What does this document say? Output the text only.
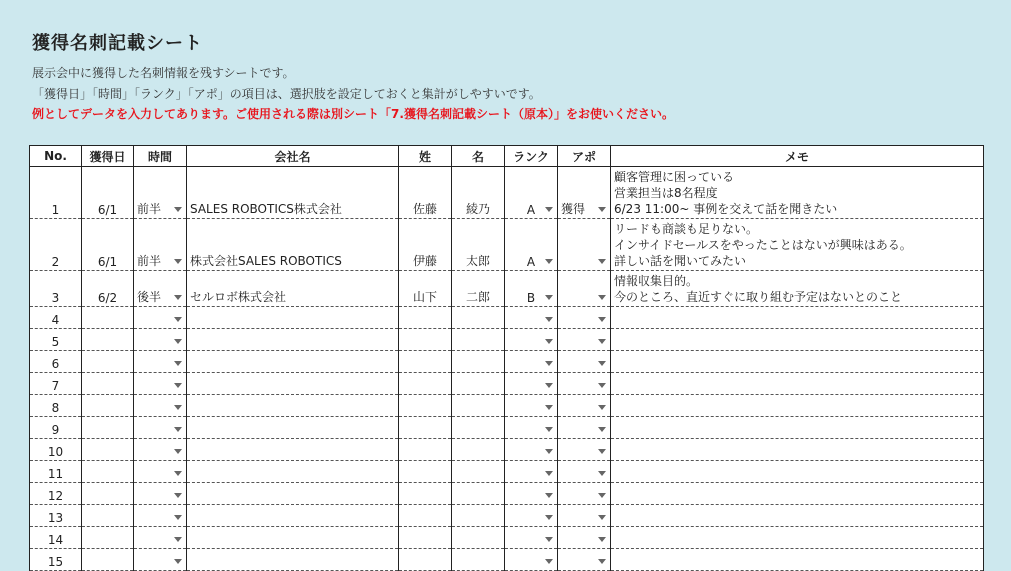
獲得名刺記載シート
展示会中に獲得した名刺情報を残すシートです。
「獲得日」「時間」「ランク」「アポ」の項目は、選択肢を設定しておくと集計がしやすいです。
例としてデータを入力してあります。ご使用される際は別シート「7.獲得名刺記載シート（原本）」をお使いください。
No.	獲得日	時間	会社名	姓	名	ランク	アポ	メモ
1	6/1	前半	SALES ROBOTICS株式会社	佐藤	綾乃	A	獲得	顧客管理に困っている
営業担当は8名程度
6/23 11:00~ 事例を交えて話を聞きたい

2	6/1	前半	株式会社SALES ROBOTICS	伊藤	太郎	A		リードも商談も足りない。
インサイドセールスをやったことはないが興味はある。
詳しい話を聞いてみたい

3	6/2	後半	セルロボ株式会社	山下	二郎	B		情報収集目的。
今のところ、直近すぐに取り組む予定はないとのこと

4		

5		

6		

7		

8		

9		

10		

11		

12		

13		

14		

15		
